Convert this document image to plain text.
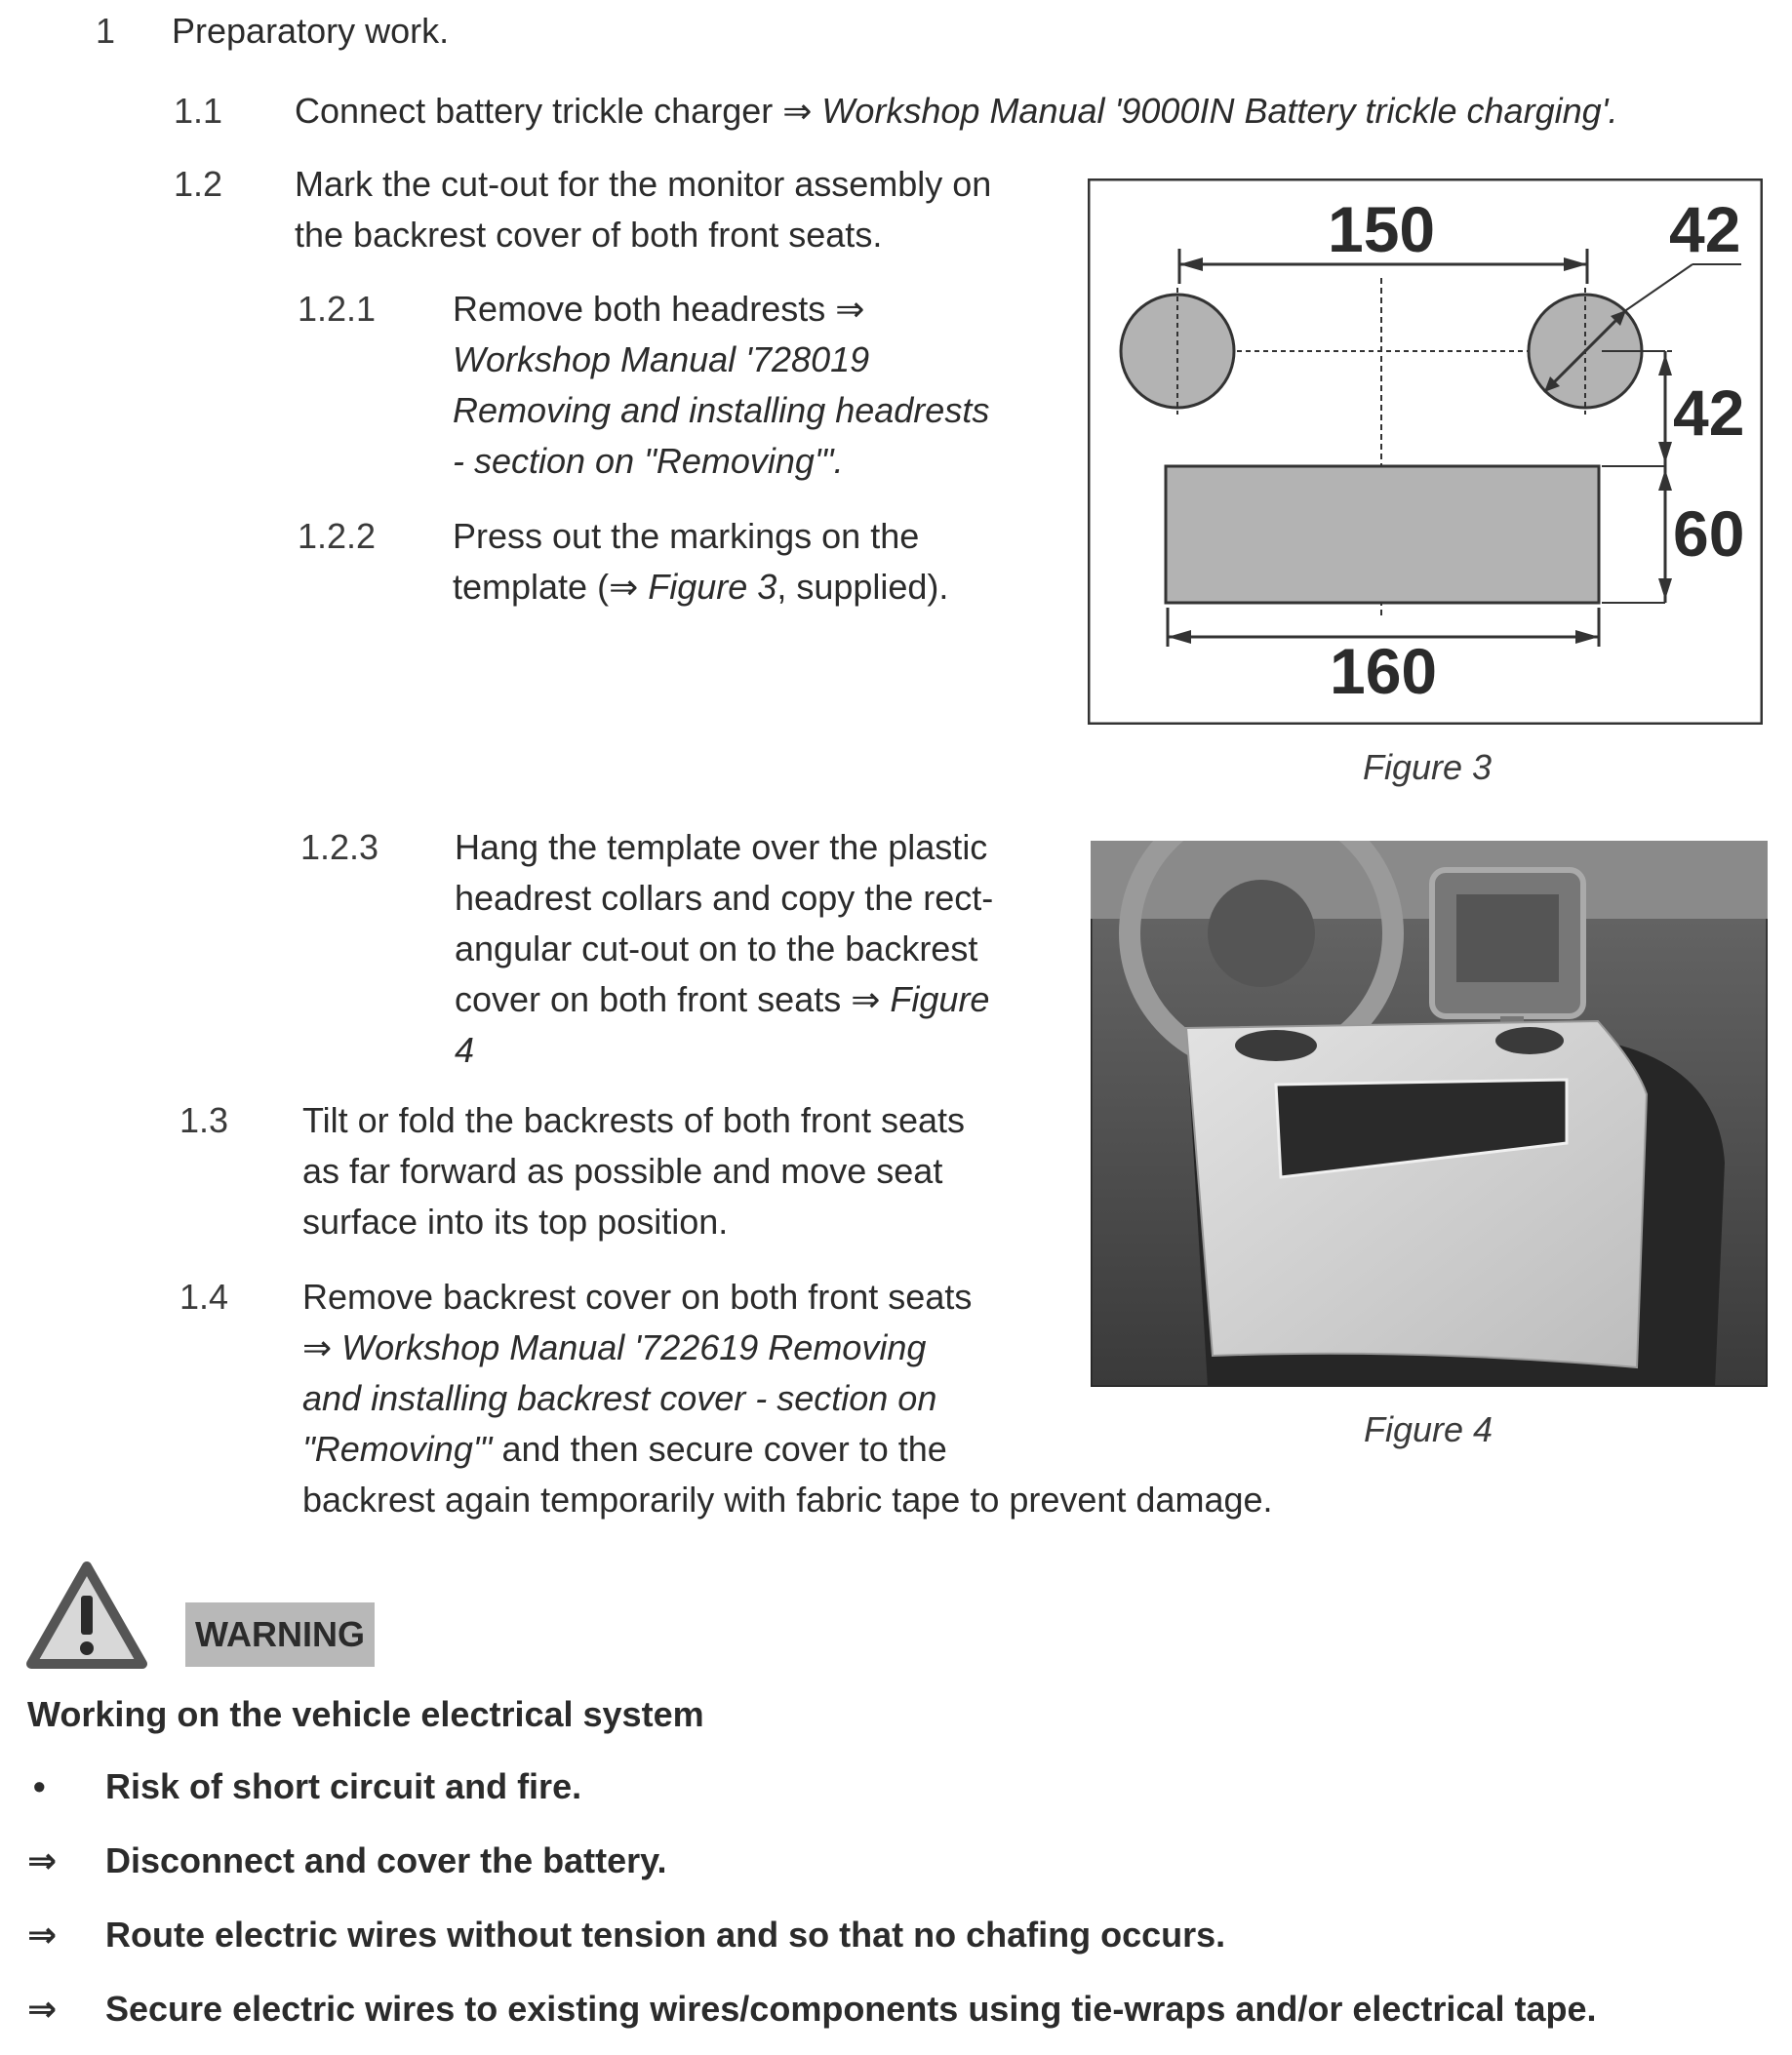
1 Preparatory work.
1.1 Connect battery trickle charger ⇒ Workshop Manual '9000IN Battery trickle charging'.
1.2 Mark the cut-out for the monitor assembly on
the backrest cover of both front seats.
1.2.1 Remove both headrests ⇒
Workshop Manual '728019
Removing and installing headrests
- section on "Removing"'.
1.2.2 Press out the markings on the
template (⇒ Figure 3, supplied).
150	42
42
60
160
Figure 3
1.2.3 Hang the template over the plastic
headrest collars and copy the rect-
angular cut-out on to the backrest
cover on both front seats ⇒ Figure
4
Figure 4
1.3 Tilt or fold the backrests of both front seats
as far forward as possible and move seat
surface into its top position.
1.4 Remove backrest cover on both front seats
⇒ Workshop Manual '722619 Removing
and installing backrest cover - section on
"Removing"' and then secure cover to the
backrest again temporarily with fabric tape to prevent damage.
WARNING
Working on the vehicle electrical system
• Risk of short circuit and fire.
⇒ Disconnect and cover the battery.
⇒ Route electric wires without tension and so that no chafing occurs.
⇒ Secure electric wires to existing wires/components using tie-wraps and/or electrical tape.
